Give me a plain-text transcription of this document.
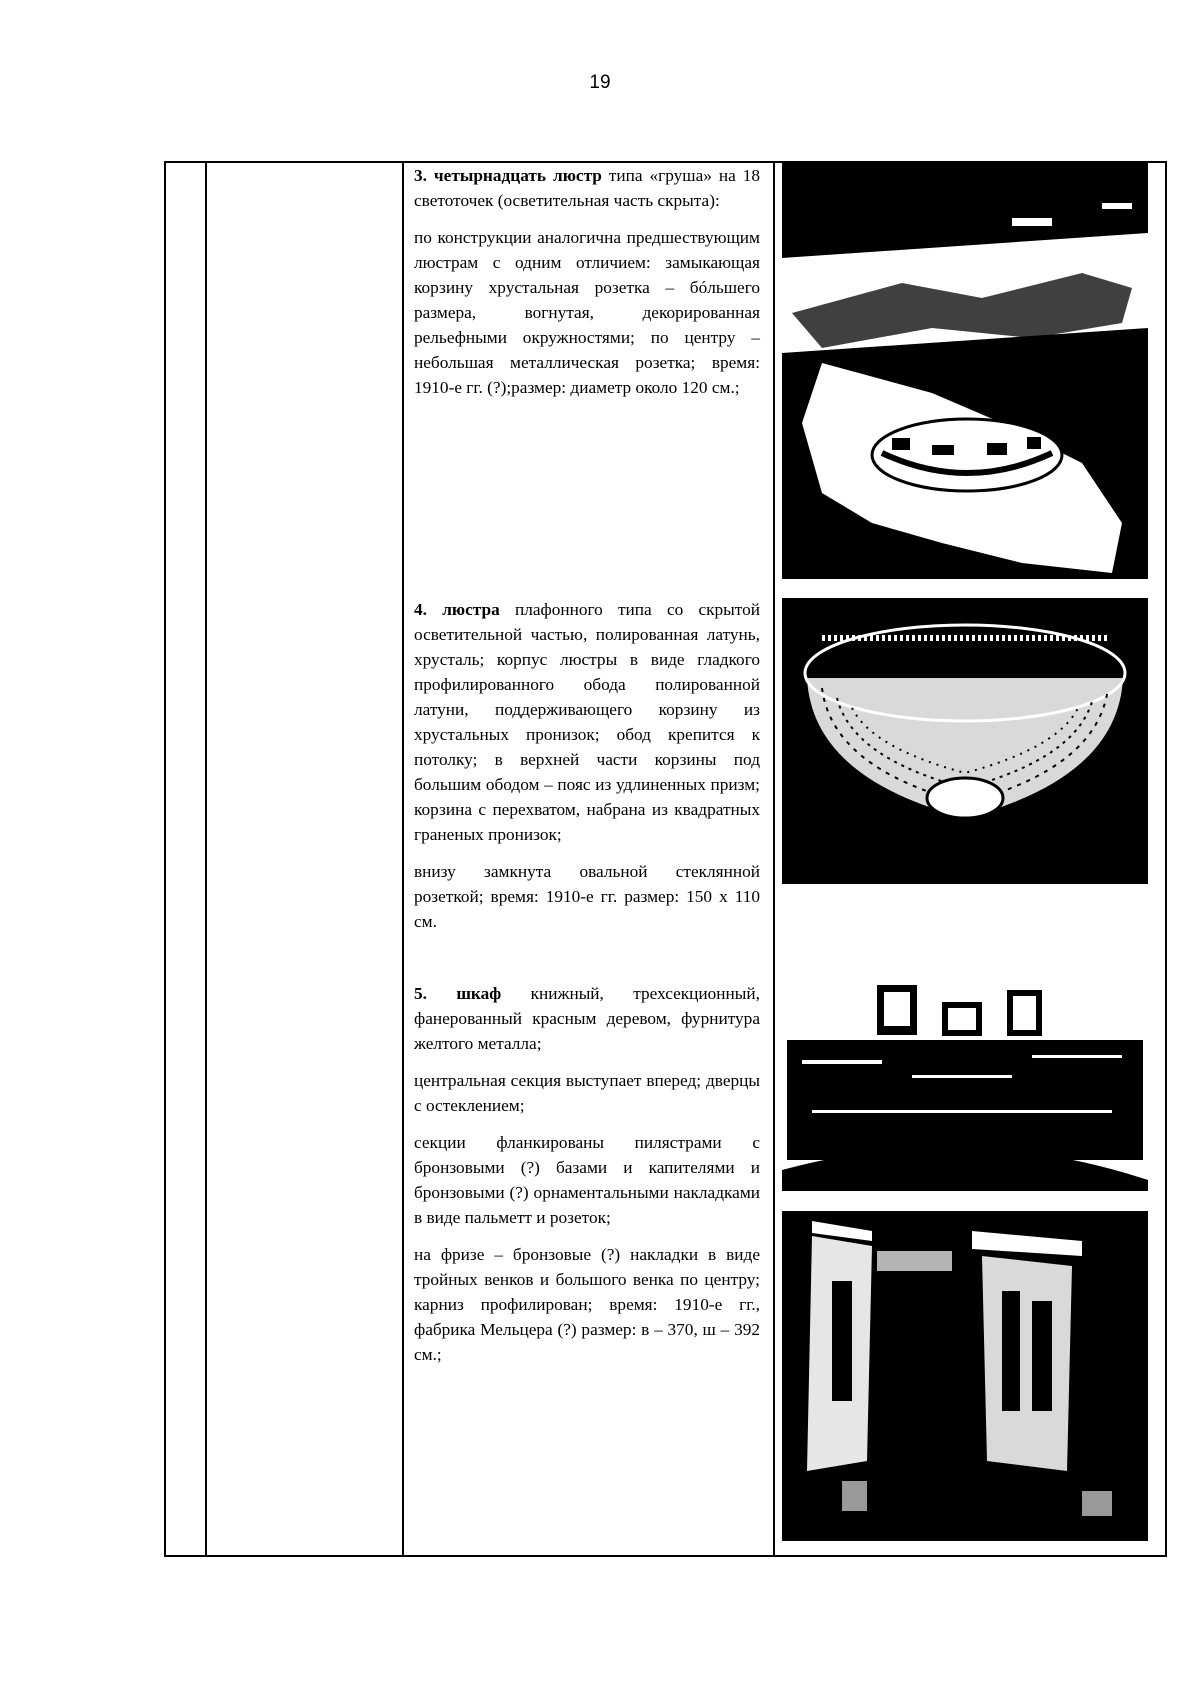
19

3. четырнадцать люстр типа «груша» на 18 светоточек (осветительная часть скрыта):

по конструкции аналогична предшествующим люстрам с одним отличием: замыкающая корзину хрустальная розетка – бóльшего размера, вогнутая, декорированная рельефными окружностями; по центру – небольшая металлическая розетка; время: 1910-е гг. (?);размер: диаметр около 120 см.;

4. люстра плафонного типа со скрытой осветительной частью, полированная латунь, хрусталь; корпус люстры в виде гладкого профилированного обода полированной латуни, поддерживающего корзину из хрустальных пронизок; обод крепится к потолку; в верхней части корзины под большим ободом – пояс из удлиненных призм; корзина с перехватом, набрана из квадратных граненых пронизок;

внизу замкнута овальной стеклянной розеткой; время: 1910-е гг. размер: 150 х 110 см.

5. шкаф книжный, трехсекционный, фанерованный красным деревом, фурнитура желтого металла;

центральная секция выступает вперед; дверцы с остеклением;

секции фланкированы пилястрами с бронзовыми (?) базами и капителями и бронзовыми (?) орнаментальными накладками в виде пальметт и розеток;

на фризе – бронзовые (?) накладки в виде тройных венков и большого венка по центру; карниз профилирован; время: 1910-е гг., фабрика Мельцера (?) размер: в – 370, ш – 392 см.;
